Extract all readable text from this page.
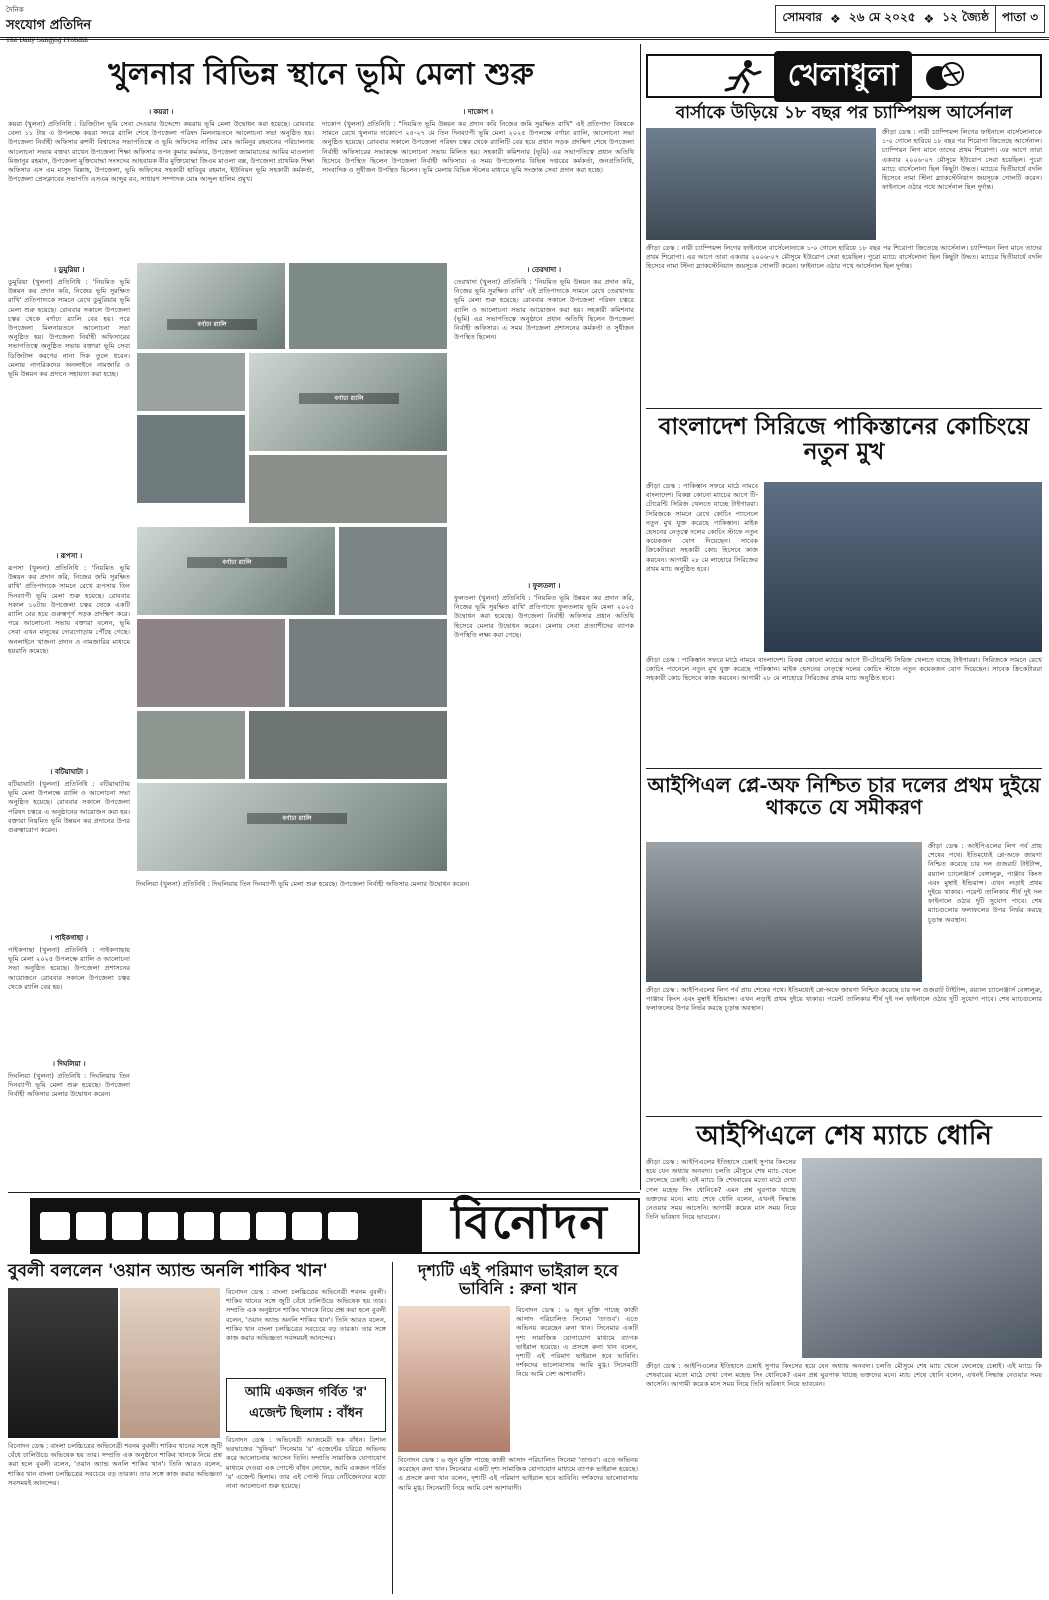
দৈনিক
সংযোগ প্রতিদিন
The Daily Sangjog Protidin
সোমবার ❖ ২৬ মে ২০২৫ ❖ ১২ জ্যৈষ্ঠ	পাতা ৩
খুলনার বিভিন্ন স্থানে ভূমি মেলা শুরু
। কয়রা ।
কয়রা (খুলনা) প্রতিনিধি : ডিজিটাল ভূমি সেবা দেওয়ার উদ্দেশ্যে কয়রায় ভূমি মেলা উদ্বোধন করা হয়েছে। রোববার বেলা ১১ টায় এ উপলক্ষে কয়রা সদরে র‍্যালি শেষে উপজেলা পরিষদ মিলনায়তনে আলোচনা সভা অনুষ্ঠিত হয়। উপজেলা নির্বাহী অফিসার রুশনী বিশ্বাসের সভাপতিত্বে ও ভূমি অফিসের নাজির মোঃ আমিনুর রহমানের পরিচালনায় আলোচনা সভায় বক্তব্য রাখেন উপজেলা শিক্ষা অফিসার তপন কুমার কর্মকার, উপজেলা জামায়াতের আমির মাওলানা মিজানুর রহমান, উপজেলা মুক্তিযোদ্ধা সংসদের আহবায়ক বীর মুক্তিযোদ্ধা জিএম মাওলা বক্স, উপজেলা প্রাথমিক শিক্ষা অফিসার এস এম মাসুদ বিল্লাহ, উপজেলা, ভূমি অফিসের সহকারী হাবিবুর রহমান, ইউনিয়ন ভূমি সহকারী কর্মকর্তা, উপজেলা প্রেসক্লাবের সভাপতি এসএম আব্দুর রব, সাধারণ সম্পাদক মোঃ আব্দুল হালিম প্রমুখ।
। দাকোপ ।
দাকোপ (খুলনা) প্রতিনিধি : "নিয়মিত ভূমি উন্নয়ন কর প্রদান করি নিজের জমি সুরক্ষিত রাখি" এই প্রতিপাদ্য বিষয়কে সামনে রেখে খুলনার দাকোপে ২৫-২৭ মে তিন দিনব্যাপী ভূমি মেলা ২০২৫ উপলক্ষে বর্ণাঢ্য র‍্যালি, আলোচনা সভা অনুষ্ঠিত হয়েছে। রোববার সকালে উপজেলা পরিষদ চত্বর থেকে র‍্যালিটি বের হয়ে প্রধান সড়ক প্রদক্ষিণ শেষে উপজেলা নির্বাহী অফিসারের সভাকক্ষে আলোচনা সভায় মিলিত হয়। সহকারী কমিশনার (ভূমি) এর সভাপতিত্বে প্রধান অতিথি হিসেবে উপস্থিত ছিলেন উপজেলা নির্বাহী অফিসার। এ সময় উপজেলার বিভিন্ন দপ্তরের কর্মকর্তা, জনপ্রতিনিধি, সাংবাদিক ও সুধীজন উপস্থিত ছিলেন। ভূমি মেলায় বিভিন্ন স্টলের মাধ্যমে ভূমি সংক্রান্ত সেবা প্রদান করা হচ্ছে।
। ডুমুরিয়া ।
ডুমুরিয়া (খুলনা) প্রতিনিধি : 'নিয়মিত ভূমি উন্নয়ন কর প্রদান করি, নিজের ভূমি সুরক্ষিত রাখি' প্রতিপাদ্যকে সামনে রেখে ডুমুরিয়ায় ভূমি মেলা শুরু হয়েছে। রোববার সকালে উপজেলা চত্বর থেকে বর্ণাঢ্য র‍্যালি বের হয়। পরে উপজেলা মিলনায়তনে আলোচনা সভা অনুষ্ঠিত হয়। উপজেলা নির্বাহী অফিসারের সভাপতিত্বে অনুষ্ঠিত সভায় বক্তারা ভূমি সেবা ডিজিটাল করণের নানা দিক তুলে ধরেন। মেলায় নাগরিকদের অনলাইনে নামজারি ও ভূমি উন্নয়ন কর প্রদানে সহায়তা করা হচ্ছে।
। রূপসা ।
রূপসা (খুলনা) প্রতিনিধি : 'নিয়মিত ভূমি উন্নয়ন কর প্রদান করি, নিজের জমি সুরক্ষিত রাখি' প্রতিপাদ্যকে সামনে রেখে রূপসায় তিন দিনব্যাপী ভূমি মেলা শুরু হয়েছে। রোববার সকাল ১০টায় উপজেলা চত্বর থেকে একটি র‍্যালি বের হয়ে গুরুত্বপূর্ণ সড়ক প্রদক্ষিণ করে। পরে আলোচনা সভায় বক্তারা বলেন, ভূমি সেবা এখন মানুষের দোরগোড়ায় পৌঁছে গেছে। অনলাইনে খাজনা প্রদান ও নামজারির মাধ্যমে হয়রানি কমেছে।
। বটিয়াঘাটা ।
বটিয়াঘাটা (খুলনা) প্রতিনিধি : বটিয়াঘাটায় ভূমি মেলা উপলক্ষে র‍্যালি ও আলোচনা সভা অনুষ্ঠিত হয়েছে। রোববার সকালে উপজেলা পরিষদ চত্বরে এ অনুষ্ঠানের আয়োজন করা হয়। বক্তারা নিয়মিত ভূমি উন্নয়ন কর প্রদানের উপর গুরুত্বারোপ করেন।
। পাইকগাছা ।
পাইকগাছা (খুলনা) প্রতিনিধি : পাইকগাছায় ভূমি মেলা ২০২৫ উপলক্ষে র‍্যালি ও আলোচনা সভা অনুষ্ঠিত হয়েছে। উপজেলা প্রশাসনের আয়োজনে রোববার সকালে উপজেলা চত্বর থেকে র‍্যালি বের হয়।
। দিঘলিয়া ।
দিঘলিয়া (খুলনা) প্রতিনিধি : দিঘলিয়ায় তিন দিনব্যাপী ভূমি মেলা শুরু হয়েছে। উপজেলা নির্বাহী অফিসার মেলার উদ্বোধন করেন।
বর্ণাঢ্য র‍্যালি
বর্ণাঢ্য র‍্যালি
বর্ণাঢ্য র‍্যালি
বর্ণাঢ্য র‍্যালি
। তেরখাদা ।
তেরখাদা (খুলনা) প্রতিনিধি : 'নিয়মিত ভূমি উন্নয়ন কর প্রদান করি, নিজের ভূমি সুরক্ষিত রাখি' এই প্রতিপাদ্যকে সামনে রেখে তেরখাদায় ভূমি মেলা শুরু হয়েছে। রোববার সকালে উপজেলা পরিষদ চত্বরে র‍্যালি ও আলোচনা সভার আয়োজন করা হয়। সহকারী কমিশনার (ভূমি) এর সভাপতিত্বে অনুষ্ঠানে প্রধান অতিথি ছিলেন উপজেলা নির্বাহী অফিসার। এ সময় উপজেলা প্রশাসনের কর্মকর্তা ও সুধীজন উপস্থিত ছিলেন।
। ফুলতলা ।
ফুলতলা (খুলনা) প্রতিনিধি : 'নিয়মিত ভূমি উন্নয়ন কর প্রদান করি, নিজের ভূমি সুরক্ষিত রাখি' প্রতিপাদ্যে ফুলতলায় ভূমি মেলা ২০২৫ উদ্বোধন করা হয়েছে। উপজেলা নির্বাহী অফিসার প্রধান অতিথি হিসেবে মেলার উদ্বোধন করেন। মেলায় সেবা প্রত্যাশীদের ব্যাপক উপস্থিতি লক্ষ্য করা গেছে।
দিঘলিয়া (খুলনা) প্রতিনিধি : দিঘলিয়ায় তিন দিনব্যাপী ভূমি মেলা শুরু হয়েছে। উপজেলা নির্বাহী অফিসার মেলার উদ্বোধন করেন।
খেলাধুলা
বার্সাকে উড়িয়ে ১৮ বছর পর চ্যাম্পিয়ন্স আর্সেনাল
ক্রীড়া ডেস্ক : নারী চ্যাম্পিয়ন্স লিগের ফাইনালে বার্সেলোনাকে ১-০ গোলে হারিয়ে ১৮ বছর পর শিরোপা জিতেছে আর্সেনাল। চ্যাম্পিয়ন লিগ মানে তাদের প্রথম শিরোপা। এর আগে তারা একবার ২০০৬-০৭ মৌসুমে ইউরোপ সেরা হয়েছিল। পুরো ম্যাচে বার্সেলোনা ছিল কিছুটা উদ্ধত। ম্যাচের দ্বিতীয়ার্ধে বদলি হিসেবে নামা স্টিনা ব্ল্যাকস্টেনিয়াস জয়সূচক গোলটি করেন। ফাইনালে ওঠার পথে আর্সেনাল ছিল দুর্দান্ত।
ক্রীড়া ডেস্ক : নারী চ্যাম্পিয়ন্স লিগের ফাইনালে বার্সেলোনাকে ১-০ গোলে হারিয়ে ১৮ বছর পর শিরোপা জিতেছে আর্সেনাল। চ্যাম্পিয়ন লিগ মানে তাদের প্রথম শিরোপা। এর আগে তারা একবার ২০০৬-০৭ মৌসুমে ইউরোপ সেরা হয়েছিল। পুরো ম্যাচে বার্সেলোনা ছিল কিছুটা উদ্ধত। ম্যাচের দ্বিতীয়ার্ধে বদলি হিসেবে নামা স্টিনা ব্ল্যাকস্টেনিয়াস জয়সূচক গোলটি করেন। ফাইনালে ওঠার পথে আর্সেনাল ছিল দুর্দান্ত।
বাংলাদেশ সিরিজে পাকিস্তানের কোচিংয়ে নতুন মুখ
ক্রীড়া ডেস্ক : পাকিস্তান সফরে মাঠে নামবে বাংলাদেশ। বিকল্প কোনো ম্যাচের আগে টি-টোয়েন্টি সিরিজ খেলতে যাচ্ছে টাইগাররা। সিরিজকে সামনে রেখে কোচিং প্যানেলে নতুন মুখ যুক্ত করেছে পাকিস্তান। মাইক হেসনের নেতৃত্বে দলের কোচিং স্টাফে নতুন কয়েকজন যোগ দিয়েছেন। সাবেক ক্রিকেটাররা সহকারী কোচ হিসেবে কাজ করবেন। আগামী ২৮ মে লাহোরে সিরিজের প্রথম ম্যাচ অনুষ্ঠিত হবে।
ক্রীড়া ডেস্ক : পাকিস্তান সফরে মাঠে নামবে বাংলাদেশ। বিকল্প কোনো ম্যাচের আগে টি-টোয়েন্টি সিরিজ খেলতে যাচ্ছে টাইগাররা। সিরিজকে সামনে রেখে কোচিং প্যানেলে নতুন মুখ যুক্ত করেছে পাকিস্তান। মাইক হেসনের নেতৃত্বে দলের কোচিং স্টাফে নতুন কয়েকজন যোগ দিয়েছেন। সাবেক ক্রিকেটাররা সহকারী কোচ হিসেবে কাজ করবেন। আগামী ২৮ মে লাহোরে সিরিজের প্রথম ম্যাচ অনুষ্ঠিত হবে।
আইপিএল প্লে-অফ নিশ্চিত চার দলের প্রথম দুইয়ে থাকতে যে সমীকরণ
ক্রীড়া ডেস্ক : আইপিএলের লিগ পর্ব প্রায় শেষের পথে। ইতিমধ্যেই প্লে-অফে জায়গা নিশ্চিত করেছে চার দল গুজরাট টাইটান্স, রয়্যাল চ্যালেঞ্জার্স বেঙ্গালুরু, পাঞ্জাব কিংস এবং মুম্বাই ইন্ডিয়ান্স। এখন লড়াই প্রথম দুইয়ে থাকার। পয়েন্ট তালিকার শীর্ষ দুই দল ফাইনালে ওঠার দুটি সুযোগ পাবে। শেষ ম্যাচগুলোর ফলাফলের উপর নির্ভর করছে চূড়ান্ত অবস্থান।
ক্রীড়া ডেস্ক : আইপিএলের লিগ পর্ব প্রায় শেষের পথে। ইতিমধ্যেই প্লে-অফে জায়গা নিশ্চিত করেছে চার দল গুজরাট টাইটান্স, রয়্যাল চ্যালেঞ্জার্স বেঙ্গালুরু, পাঞ্জাব কিংস এবং মুম্বাই ইন্ডিয়ান্স। এখন লড়াই প্রথম দুইয়ে থাকার। পয়েন্ট তালিকার শীর্ষ দুই দল ফাইনালে ওঠার দুটি সুযোগ পাবে। শেষ ম্যাচগুলোর ফলাফলের উপর নির্ভর করছে চূড়ান্ত অবস্থান।
আইপিএলে শেষ ম্যাচে ধোনি
ক্রীড়া ডেস্ক : আইপিএলের ইতিহাসে চেন্নাই সুপার কিংসের হয়ে যেন অধ্যায় অনবদ্য। চলতি মৌসুমে শেষ ম্যাচ খেলে ফেলেছে চেন্নাই। এই ম্যাচে কি শেষবারের মতো মাঠে দেখা গেল মহেন্দ্র সিং ধোনিকে? এমন প্রশ্ন ঘুরপাক খাচ্ছে ভক্তদের মনে। ম্যাচ শেষে ধোনি বলেন, এখনই সিদ্ধান্ত নেওয়ার সময় আসেনি। আগামী কয়েক মাস সময় নিয়ে তিনি ভবিষ্যৎ নিয়ে ভাববেন।
ক্রীড়া ডেস্ক : আইপিএলের ইতিহাসে চেন্নাই সুপার কিংসের হয়ে যেন অধ্যায় অনবদ্য। চলতি মৌসুমে শেষ ম্যাচ খেলে ফেলেছে চেন্নাই। এই ম্যাচে কি শেষবারের মতো মাঠে দেখা গেল মহেন্দ্র সিং ধোনিকে? এমন প্রশ্ন ঘুরপাক খাচ্ছে ভক্তদের মনে। ম্যাচ শেষে ধোনি বলেন, এখনই সিদ্ধান্ত নেওয়ার সময় আসেনি। আগামী কয়েক মাস সময় নিয়ে তিনি ভবিষ্যৎ নিয়ে ভাববেন।
বিনোদন
বুবলী বললেন 'ওয়ান অ্যান্ড অনলি শাকিব খান'
বিনোদন ডেস্ক : বাংলা চলচ্চিত্রের অভিনেত্রী শবনম বুবলী। শাকিব খানের সঙ্গে জুটি বেঁধে ঢালিউডে অভিষেক হয় তার। সম্প্রতি এক অনুষ্ঠানে শাকিব খানকে নিয়ে প্রশ্ন করা হলে বুবলী বলেন, 'ওয়ান অ্যান্ড অনলি শাকিব খান'। তিনি আরও বলেন, শাকিব খান বাংলা চলচ্চিত্রের সবচেয়ে বড় তারকা। তার সঙ্গে কাজ করার অভিজ্ঞতা সবসময়ই আনন্দের।
আমি একজন গর্বিত 'র' এজেন্ট ছিলাম : বাঁধন
বিনোদন ডেস্ক : বাংলা চলচ্চিত্রের অভিনেত্রী শবনম বুবলী। শাকিব খানের সঙ্গে জুটি বেঁধে ঢালিউডে অভিষেক হয় তার। সম্প্রতি এক অনুষ্ঠানে শাকিব খানকে নিয়ে প্রশ্ন করা হলে বুবলী বলেন, 'ওয়ান অ্যান্ড অনলি শাকিব খান'। তিনি আরও বলেন, শাকিব খান বাংলা চলচ্চিত্রের সবচেয়ে বড় তারকা। তার সঙ্গে কাজ করার অভিজ্ঞতা সবসময়ই আনন্দের।
বিনোদন ডেস্ক : অভিনেত্রী আজমেরী হক বাঁধন। বিশাল ভরদ্বাজের 'খুফিয়া' সিনেমায় 'র' এজেন্টের চরিত্রে অভিনয় করে আলোচনায় আসেন তিনি। সম্প্রতি সামাজিক যোগাযোগ মাধ্যমে দেওয়া এক পোস্টে বাঁধন লেখেন, আমি একজন গর্বিত 'র' এজেন্ট ছিলাম। তার এই পোস্ট নিয়ে নেটিজেনদের মধ্যে নানা আলোচনা শুরু হয়েছে।
দৃশ্যটি এই পরিমাণ ভাইরাল হবে ভাবিনি : রুনা খান
বিনোদন ডেস্ক : ৬ জুন মুক্তি পাচ্ছে কাজী আসাদ পরিচালিত সিনেমা 'তাণ্ডব'। এতে অভিনয় করেছেন রুনা খান। সিনেমার একটি দৃশ্য সামাজিক যোগাযোগ মাধ্যমে ব্যাপক ভাইরাল হয়েছে। এ প্রসঙ্গে রুনা খান বলেন, দৃশ্যটি এই পরিমাণ ভাইরাল হবে ভাবিনি। দর্শকদের ভালোবাসায় আমি মুগ্ধ। সিনেমাটি নিয়ে আমি বেশ আশাবাদী।
বিনোদন ডেস্ক : ৬ জুন মুক্তি পাচ্ছে কাজী আসাদ পরিচালিত সিনেমা 'তাণ্ডব'। এতে অভিনয় করেছেন রুনা খান। সিনেমার একটি দৃশ্য সামাজিক যোগাযোগ মাধ্যমে ব্যাপক ভাইরাল হয়েছে। এ প্রসঙ্গে রুনা খান বলেন, দৃশ্যটি এই পরিমাণ ভাইরাল হবে ভাবিনি। দর্শকদের ভালোবাসায় আমি মুগ্ধ। সিনেমাটি নিয়ে আমি বেশ আশাবাদী।
